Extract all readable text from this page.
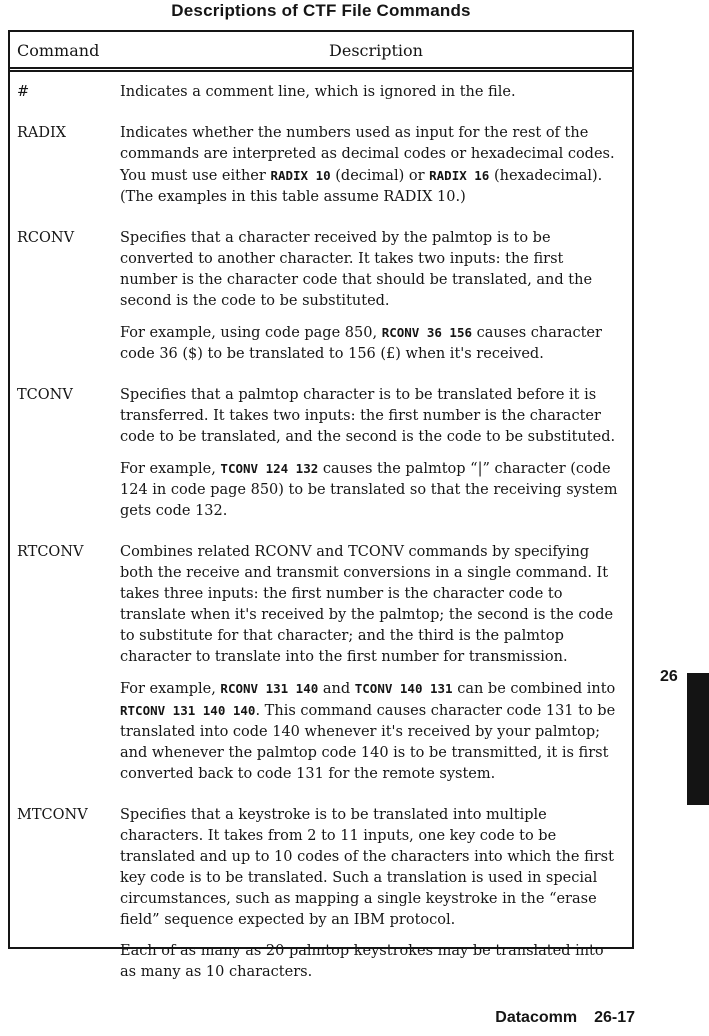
Descriptions of CTF File Commands
Command	Description
#	Indicates a comment line, which is ignored in the file.

RADIX	Indicates whether the numbers used as input for the rest of the commands are interpreted as decimal codes or hexadecimal codes. You must use either RADIX 10 (decimal) or RADIX 16 (hexadecimal). (The examples in this table assume RADIX 10.)

RCONV	Specifies that a character received by the palmtop is to be converted to another character. It takes two inputs: the first number is the character code that should be translated, and the second is the code to be substituted.

For example, using code page 850, RCONV 36 156 causes character code 36 ($) to be translated to 156 (£) when it's received.

TCONV	Specifies that a palmtop character is to be translated before it is transferred. It takes two inputs: the first number is the character code to be translated, and the second is the code to be substituted.

For example, TCONV 124 132 causes the palmtop “|” character (code 124 in code page 850) to be translated so that the receiving system gets code 132.

RTCONV	Combines related RCONV and TCONV commands by specifying both the receive and transmit conversions in a single command. It takes three inputs: the first number is the character code to translate when it's received by the palmtop; the second is the code to substitute for that character; and the third is the palmtop character to translate into the first number for transmission.

For example, RCONV 131 140 and TCONV 140 131 can be combined into RTCONV 131 140 140. This command causes character code 131 to be translated into code 140 whenever it's received by your palmtop; and whenever the palmtop code 140 is to be transmitted, it is first converted back to code 131 for the remote system.

MTCONV	Specifies that a keystroke is to be translated into multiple characters. It takes from 2 to 11 inputs, one key code to be translated and up to 10 codes of the characters into which the first key code is to be translated. Such a translation is used in special circumstances, such as mapping a single keystroke in the “erase field” sequence expected by an IBM protocol.

Each of as many as 20 palmtop keystrokes may be translated into as many as 10 characters.

26
Datacomm 26-17
